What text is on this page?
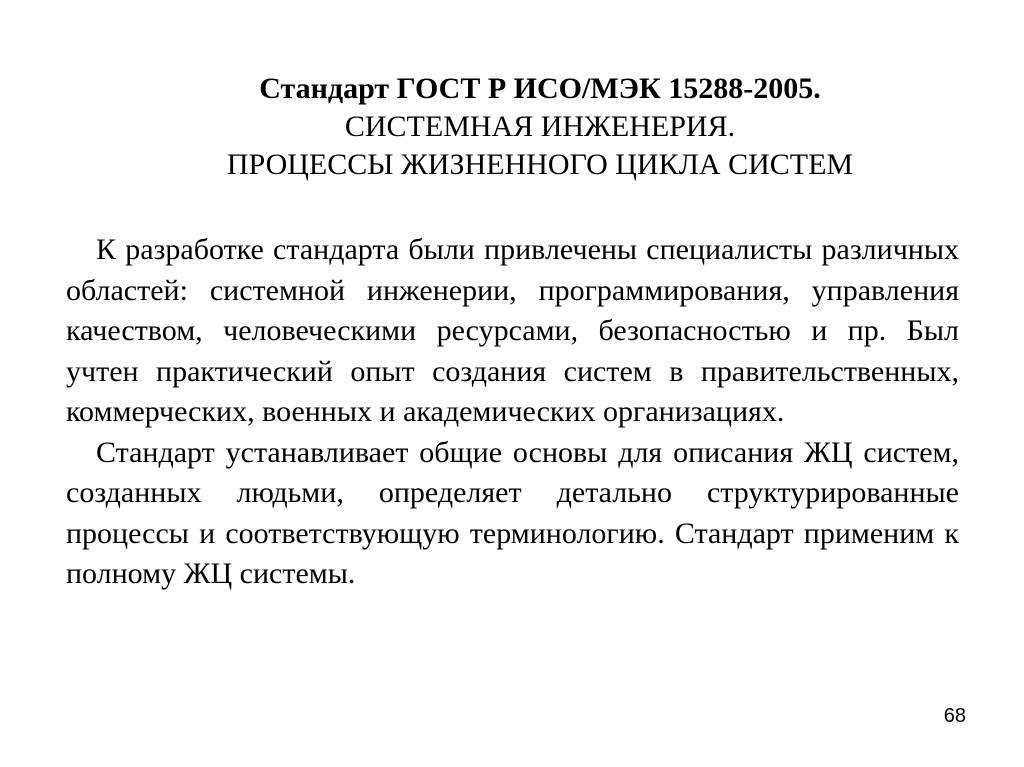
Стандарт ГОСТ Р ИСО/МЭК 15288-2005.
СИСТЕМНАЯ ИНЖЕНЕРИЯ.
ПРОЦЕССЫ ЖИЗНЕННОГО ЦИКЛА СИСТЕМ

К разработке стандарта были привлечены специалисты различных областей: системной инженерии, программирования, управления качеством, человеческими ресурсами, безопасностью и пр. Был учтен практический опыт создания систем в правительственных, коммерческих, военных и академических организациях.

Стандарт устанавливает общие основы для описания ЖЦ систем, созданных людьми, определяет детально структурированные процессы и соответствующую терминологию. Стандарт применим к полному ЖЦ системы.

68
